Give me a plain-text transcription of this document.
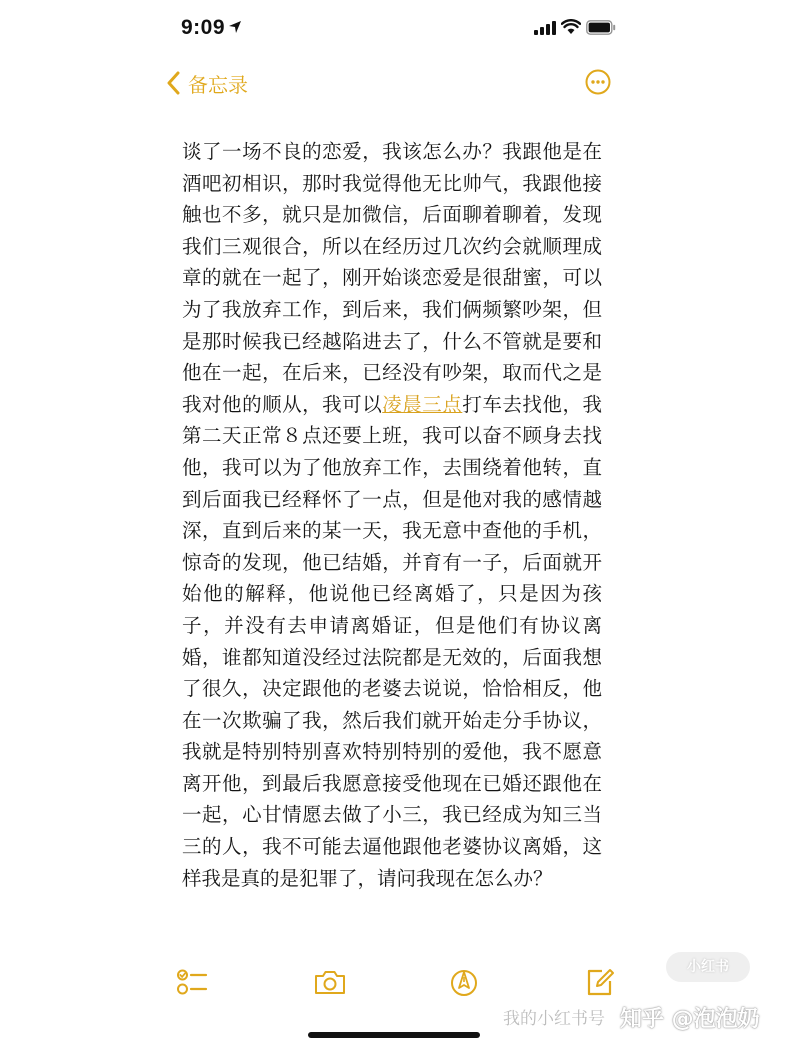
9:09
备忘录
谈了一场不良的恋爱，我该怎么办？我跟他是在酒吧初相识，那时我觉得他无比帅气，我跟他接触也不多，就只是加微信，后面聊着聊着，发现我们三观很合，所以在经历过几次约会就顺理成章的就在一起了，刚开始谈恋爱是很甜蜜，可以为了我放弃工作，到后来，我们俩频繁吵架，但是那时候我已经越陷进去了，什么不管就是要和他在一起，在后来，已经没有吵架，取而代之是我对他的顺从，我可以凌晨三点打车去找他，我第二天正常８点还要上班，我可以奋不顾身去找他，我可以为了他放弃工作，去围绕着他转，直到后面我已经释怀了一点，但是他对我的感情越深，直到后来的某一天，我无意中查他的手机，惊奇的发现，他已结婚，并育有一子，后面就开始他的解释，他说他已经离婚了，只是因为孩子，并没有去申请离婚证，但是他们有协议离婚，谁都知道没经过法院都是无效的，后面我想了很久，决定跟他的老婆去说说，恰恰相反，他在一次欺骗了我，然后我们就开始走分手协议，我就是特别特别喜欢特别特别的爱他，我不愿意离开他，到最后我愿意接受他现在已婚还跟他在一起，心甘情愿去做了小三，我已经成为知三当三的人，我不可能去逼他跟他老婆协议离婚，这样我是真的是犯罪了，请问我现在怎么办？
小红书
我的小红书号 知乎 @泡泡奶
